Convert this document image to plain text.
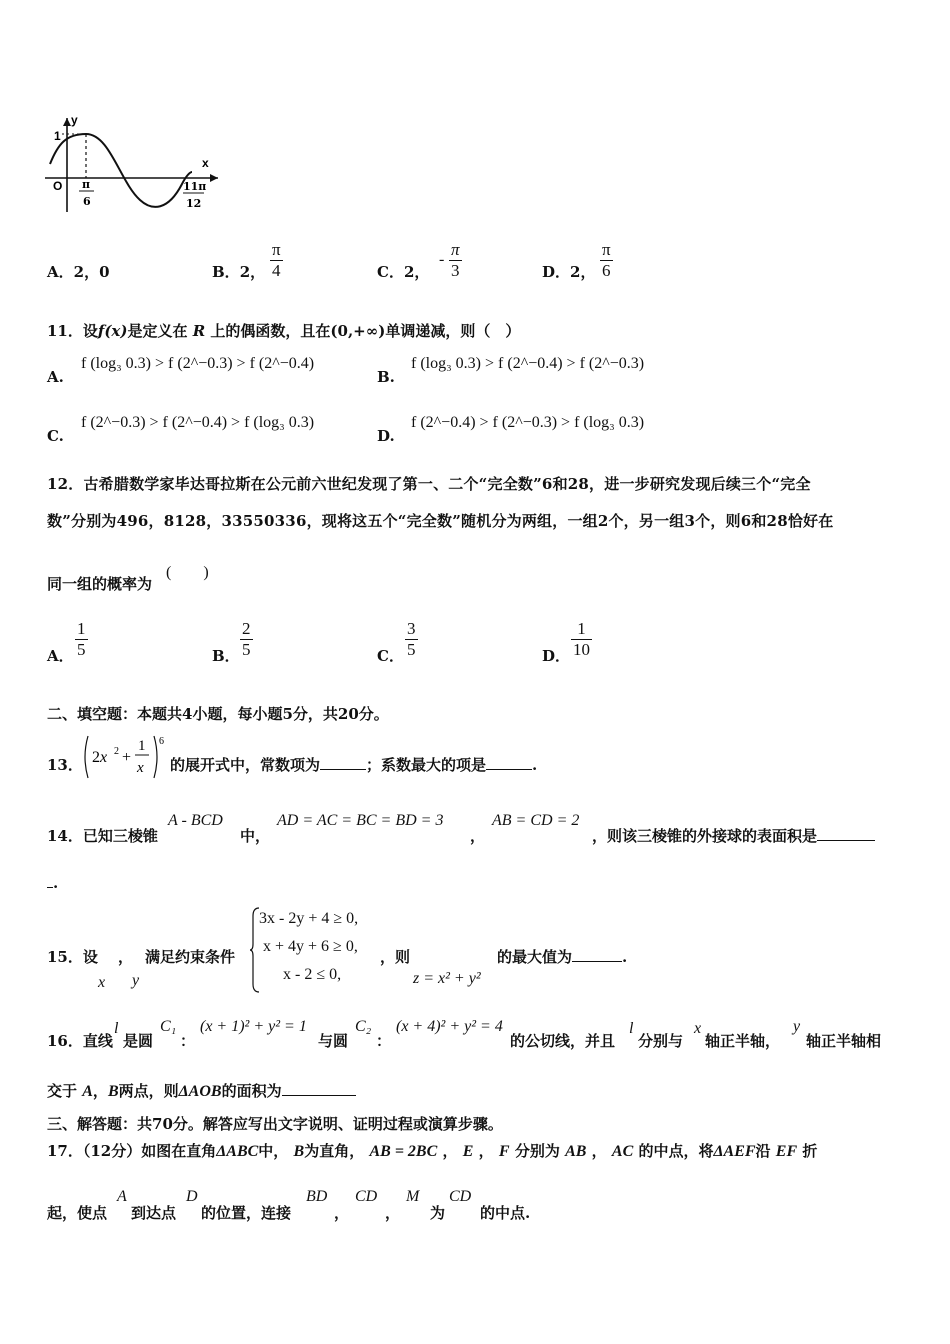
y
x
1
O π
6
11π
12
A．2，0	B．2，
π
4	C．2，
-
π
3	D．2，
π
6
11．设f(x)是定义在 R 上的偶函数，且在(0,+∞)单调递减，则（　）
A.
f (log₃ 0.3) > f (2^−0.3) > f (2^−0.4)
B.
f (log₃ 0.3) > f (2^−0.4) > f (2^−0.3)
C.
f (2^−0.3) > f (2^−0.4) > f (log₃ 0.3)
D.
f (2^−0.4) > f (2^−0.3) > f (log₃ 0.3)
12．古希腊数学家毕达哥拉斯在公元前六世纪发现了第一、二个“完全数”6和28，进一步研究发现后续三个“完全
数”分别为496，8128，33550336，现将这五个“完全数”随机分为两组，一组2个，另一组3个，则6和28恰好在
同一组的概率为
(　　)
A．
1
5	B．
2
5	C．
3
5	D．
1
10
二、填空题：本题共4小题，每小题5分，共20分。
13． 2x 2 +
1
x
6
的展开式中，常数项为	；系数最大的项是	.
14．已知三棱锥
A - BCD
中，
AD = AC = BC = BD = 3
，
AB = CD = 2
，则该三棱锥的外接球的表面积是
.
15．设 ，
x y
满足约束条件
3x - 2y + 4 ≥ 0,
x + 4y + 6 ≥ 0,
x - 2 ≤ 0,
，则
z = x² + y²
的最大值为	.
16．直线
l
是圆
C₁
：
(x + 1)² + y² = 1
与圆
C₂
：
(x + 4)² + y² = 4
的公切线，并且
l
分别与
x
轴正半轴，
y
轴正半轴相
交于 A，B两点，则ΔAOB的面积为
三、解答题：共70分。解答应写出文字说明、证明过程或演算步骤。
17．（12分）如图在直角ΔABC中， B为直角， AB = 2BC ， E ， F 分别为 AB ， AC 的中点，将ΔAEF沿 EF 折
起，使点
A
到达点
D
的位置，连接
BD
，
CD
，
M
为
CD
的中点.
